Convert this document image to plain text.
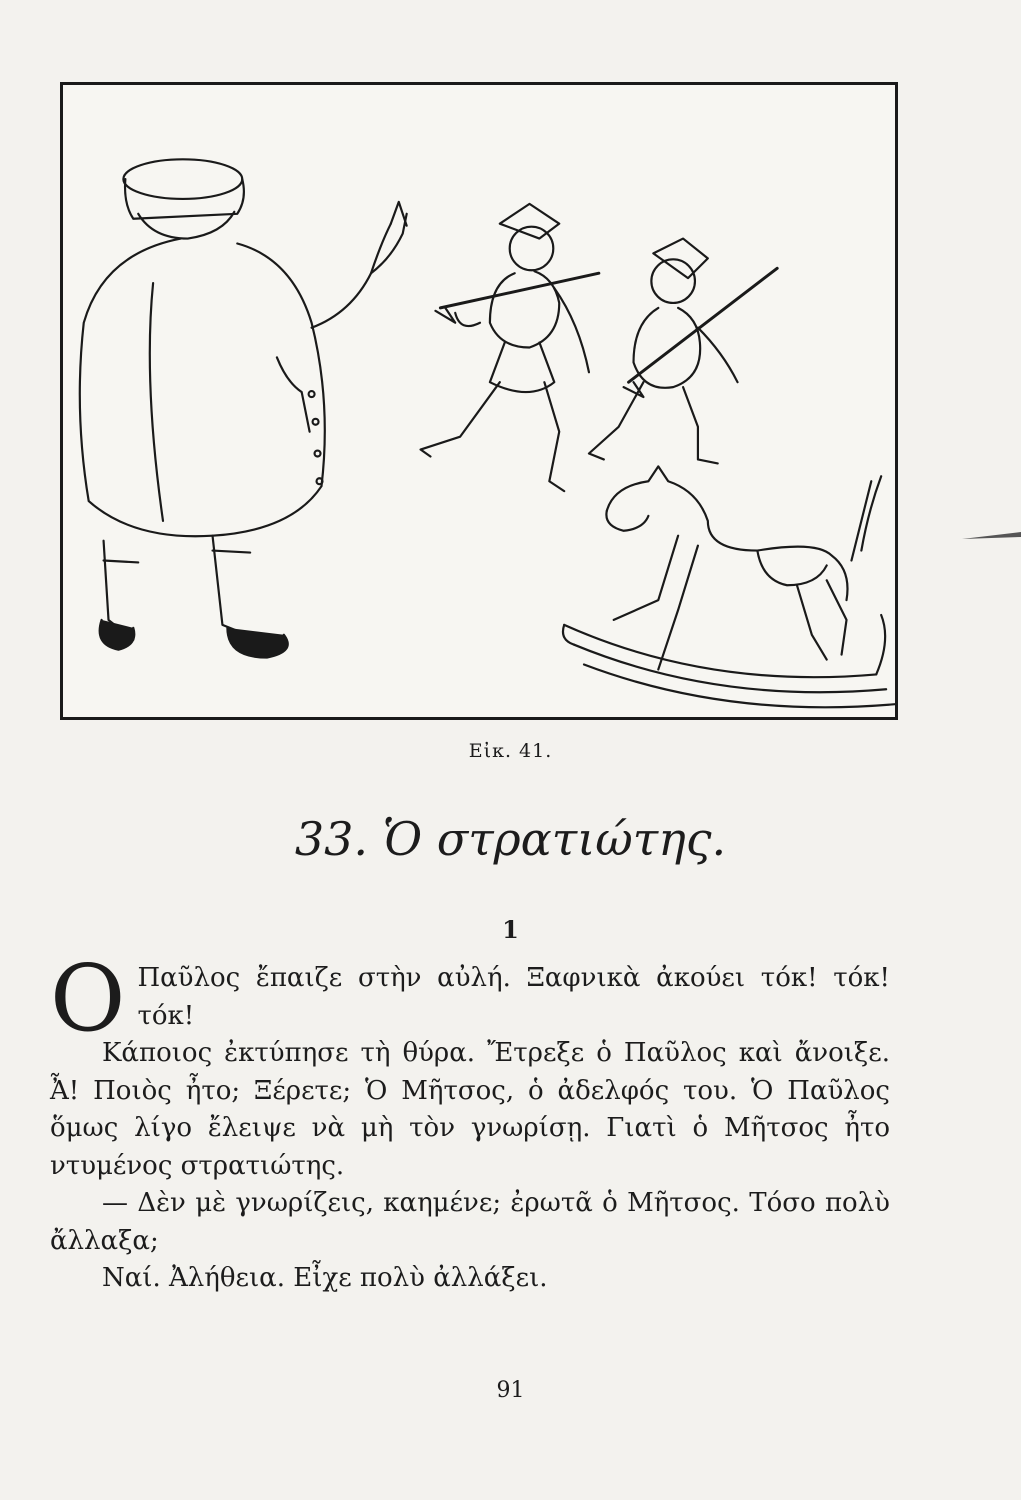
Εἰκ. 41.
33. Ὁ στρατιώτης.
1

Ο Παῦλος ἔπαιζε στὴν αὐλή. Ξαφνικὰ ἀκούει τόκ! τόκ! τόκ!

Κάποιος ἐκτύπησε τὴ θύρα. Ἔτρεξε ὁ Παῦλος καὶ ἄνοιξε. Ἆ! Ποιὸς ἦτο; Ξέρετε; Ὁ Μῆτσος, ὁ ἀδελφός του. Ὁ Παῦλος ὅμως λίγο ἔλειψε νὰ μὴ τὸν γνωρίσῃ. Γιατὶ ὁ Μῆτσος ἦτο ντυμένος στρατιώτης.

— Δὲν μὲ γνωρίζεις, καημένε; ἐρωτᾶ ὁ Μῆτσος. Τόσο πολὺ ἄλλαξα;

Ναί. Ἀλήθεια. Εἶχε πολὺ ἀλλάξει.

91
